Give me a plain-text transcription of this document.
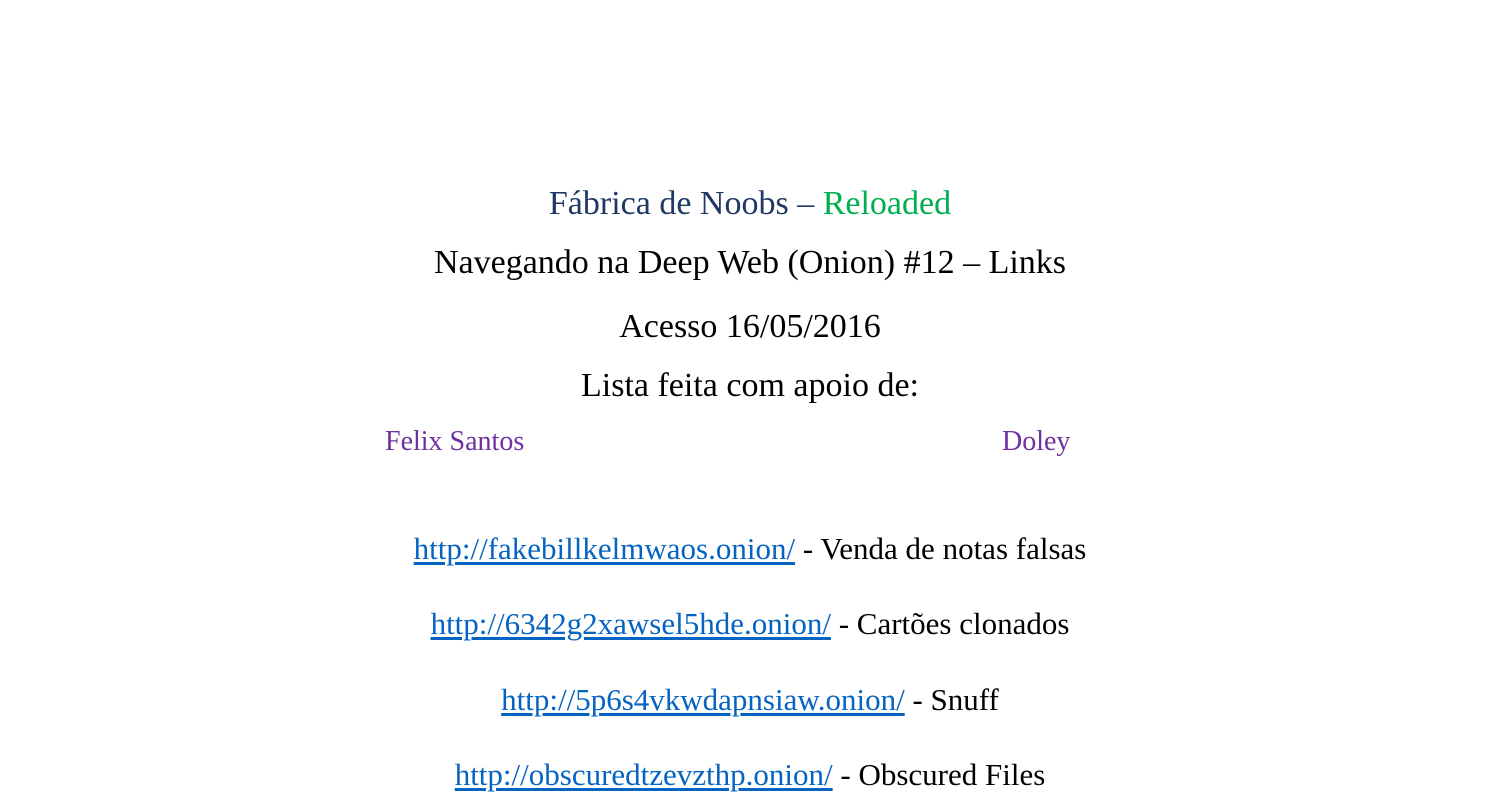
Fábrica de Noobs – Reloaded
Navegando na Deep Web (Onion) #12 – Links
Acesso 16/05/2016
Lista feita com apoio de:
Felix Santos	Doley
http://fakebillkelmwaos.onion/ - Venda de notas falsas
http://6342g2xawsel5hde.onion/ - Cartões clonados
http://5p6s4vkwdapnsiaw.onion/ - Snuff
http://obscuredtzevzthp.onion/ - Obscured Files
